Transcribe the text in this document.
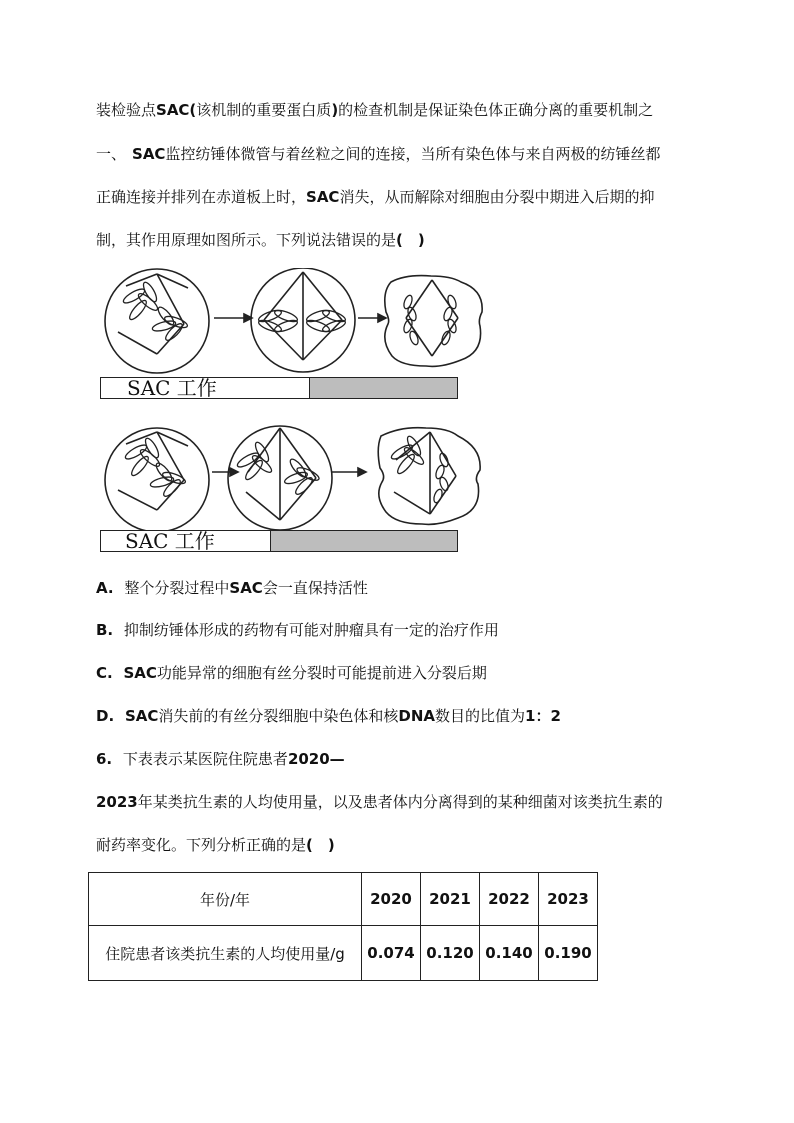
装检验点SAC(该机制的重要蛋白质)的检查机制是保证染色体正确分离的重要机制之
一、 SAC监控纺锤体微管与着丝粒之间的连接，当所有染色体与来自两极的纺锤丝都
正确连接并排列在赤道板上时，SAC消失，从而解除对细胞由分裂中期进入后期的抑
制，其作用原理如图所示。下列说法错误的是(　)
SAC 工作
SAC 工作
A. 整个分裂过程中SAC会一直保持活性
B. 抑制纺锤体形成的药物有可能对肿瘤具有一定的治疗作用
C. SAC功能异常的细胞有丝分裂时可能提前进入分裂后期
D. SAC消失前的有丝分裂细胞中染色体和核DNA数目的比值为1：2
6. 下表表示某医院住院患者2020—
2023年某类抗生素的人均使用量，以及患者体内分离得到的某种细菌对该类抗生素的
耐药率变化。下列分析正确的是(　)
年份/年	2020	2021	2022	2023
住院患者该类抗生素的人均使用量/g	0.074	0.120	0.140	0.190
